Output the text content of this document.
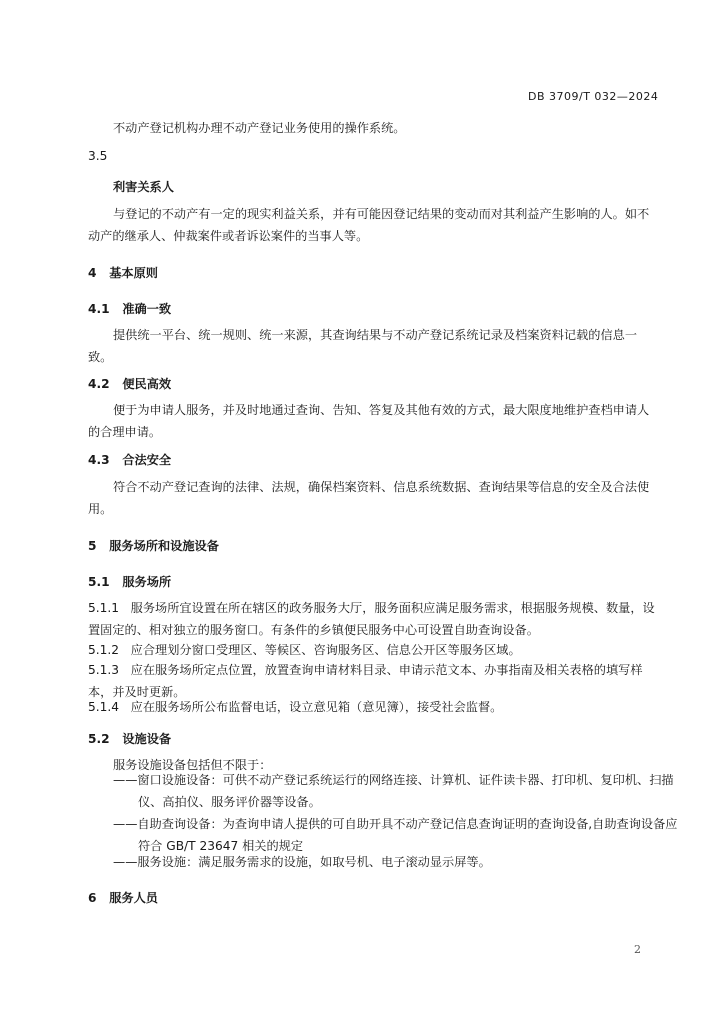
DB 3709/T 032—2024
不动产登记机构办理不动产登记业务使用的操作系统。
3.5
利害关系人
与登记的不动产有一定的现实利益关系，并有可能因登记结果的变动而对其利益产生影响的人。如不动产的继承人、仲裁案件或者诉讼案件的当事人等。
4 基本原则
4.1 准确一致
提供统一平台、统一规则、统一来源，其查询结果与不动产登记系统记录及档案资料记载的信息一致。
4.2 便民高效
便于为申请人服务，并及时地通过查询、告知、答复及其他有效的方式，最大限度地维护查档申请人的合理申请。
4.3 合法安全
符合不动产登记查询的法律、法规，确保档案资料、信息系统数据、查询结果等信息的安全及合法使用。
5 服务场所和设施设备
5.1 服务场所
5.1.1 服务场所宜设置在所在辖区的政务服务大厅，服务面积应满足服务需求，根据服务规模、数量，设置固定的、相对独立的服务窗口。有条件的乡镇便民服务中心可设置自助查询设备。
5.1.2 应合理划分窗口受理区、等候区、咨询服务区、信息公开区等服务区域。
5.1.3 应在服务场所定点位置，放置查询申请材料目录、申请示范文本、办事指南及相关表格的填写样本，并及时更新。
5.1.4 应在服务场所公布监督电话，设立意见箱（意见簿），接受社会监督。
5.2 设施设备
服务设施设备包括但不限于：
——窗口设施设备：可供不动产登记系统运行的网络连接、计算机、证件读卡器、打印机、复印机、扫描仪、高拍仪、服务评价器等设备。
——自助查询设备：为查询申请人提供的可自助开具不动产登记信息查询证明的查询设备,自助查询设备应符合 GB/T 23647 相关的规定
——服务设施：满足服务需求的设施，如取号机、电子滚动显示屏等。
6 服务人员
2
